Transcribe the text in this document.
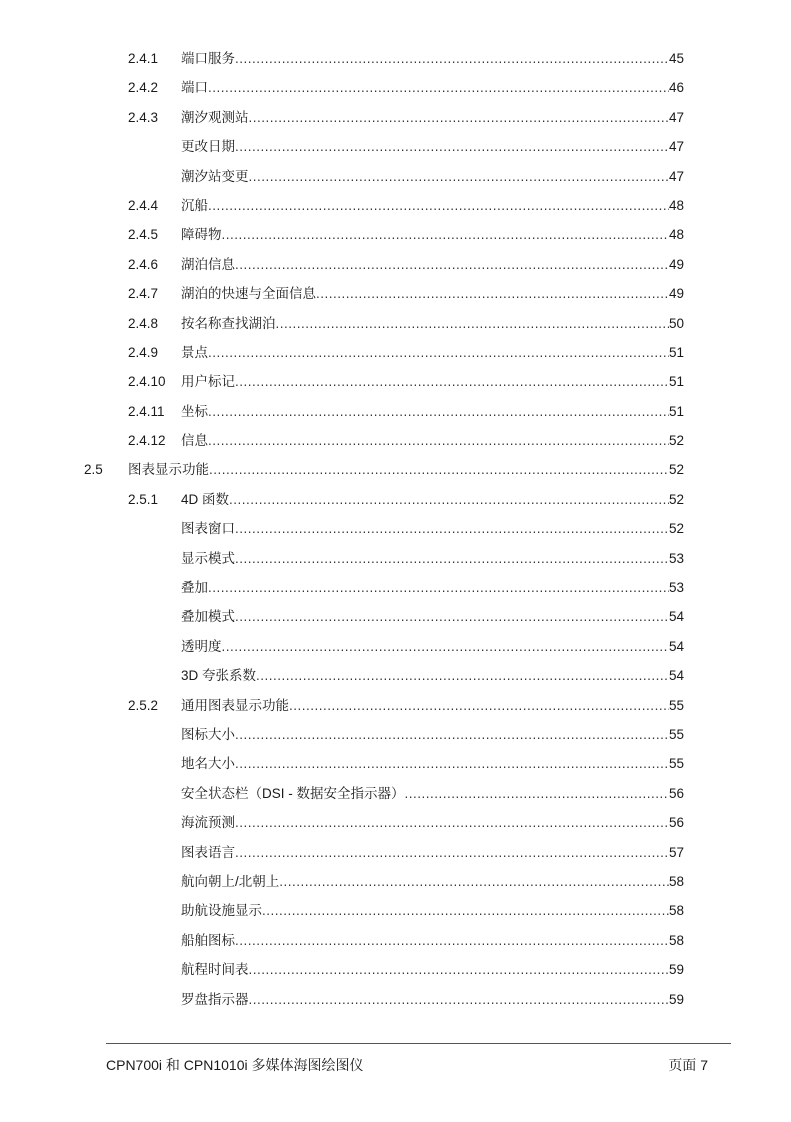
2.4.1 端口服务 .....	45
2.4.2 端口 .....	46
2.4.3 潮汐观测站 .....	47
更改日期 .....	47
潮汐站变更 .....	47
2.4.4 沉船 .....	48
2.4.5 障碍物 .....	48
2.4.6 湖泊信息 .....	49
2.4.7 湖泊的快速与全面信息 .....	49
2.4.8 按名称查找湖泊 .....	50
2.4.9 景点 .....	51
2.4.10 用户标记 .....	51
2.4.11 坐标 .....	51
2.4.12 信息 .....	52
2.5 图表显示功能 .....	52
2.5.1 4D 函数 .....	52
图表窗口 .....	52
显示模式 .....	53
叠加 .....	53
叠加模式 .....	54
透明度 .....	54
3D 夸张系数 .....	54
2.5.2 通用图表显示功能 .....	55
图标大小 .....	55
地名大小 .....	55
安全状态栏（DSI - 数据安全指示器） .....	56
海流预测 .....	56
图表语言 .....	57
航向朝上/北朝上 .....	58
助航设施显示 .....	58
船舶图标 .....	58
航程时间表 .....	59
罗盘指示器 .....	59
CPN700i 和 CPN1010i 多媒体海图绘图仪	页面 7
